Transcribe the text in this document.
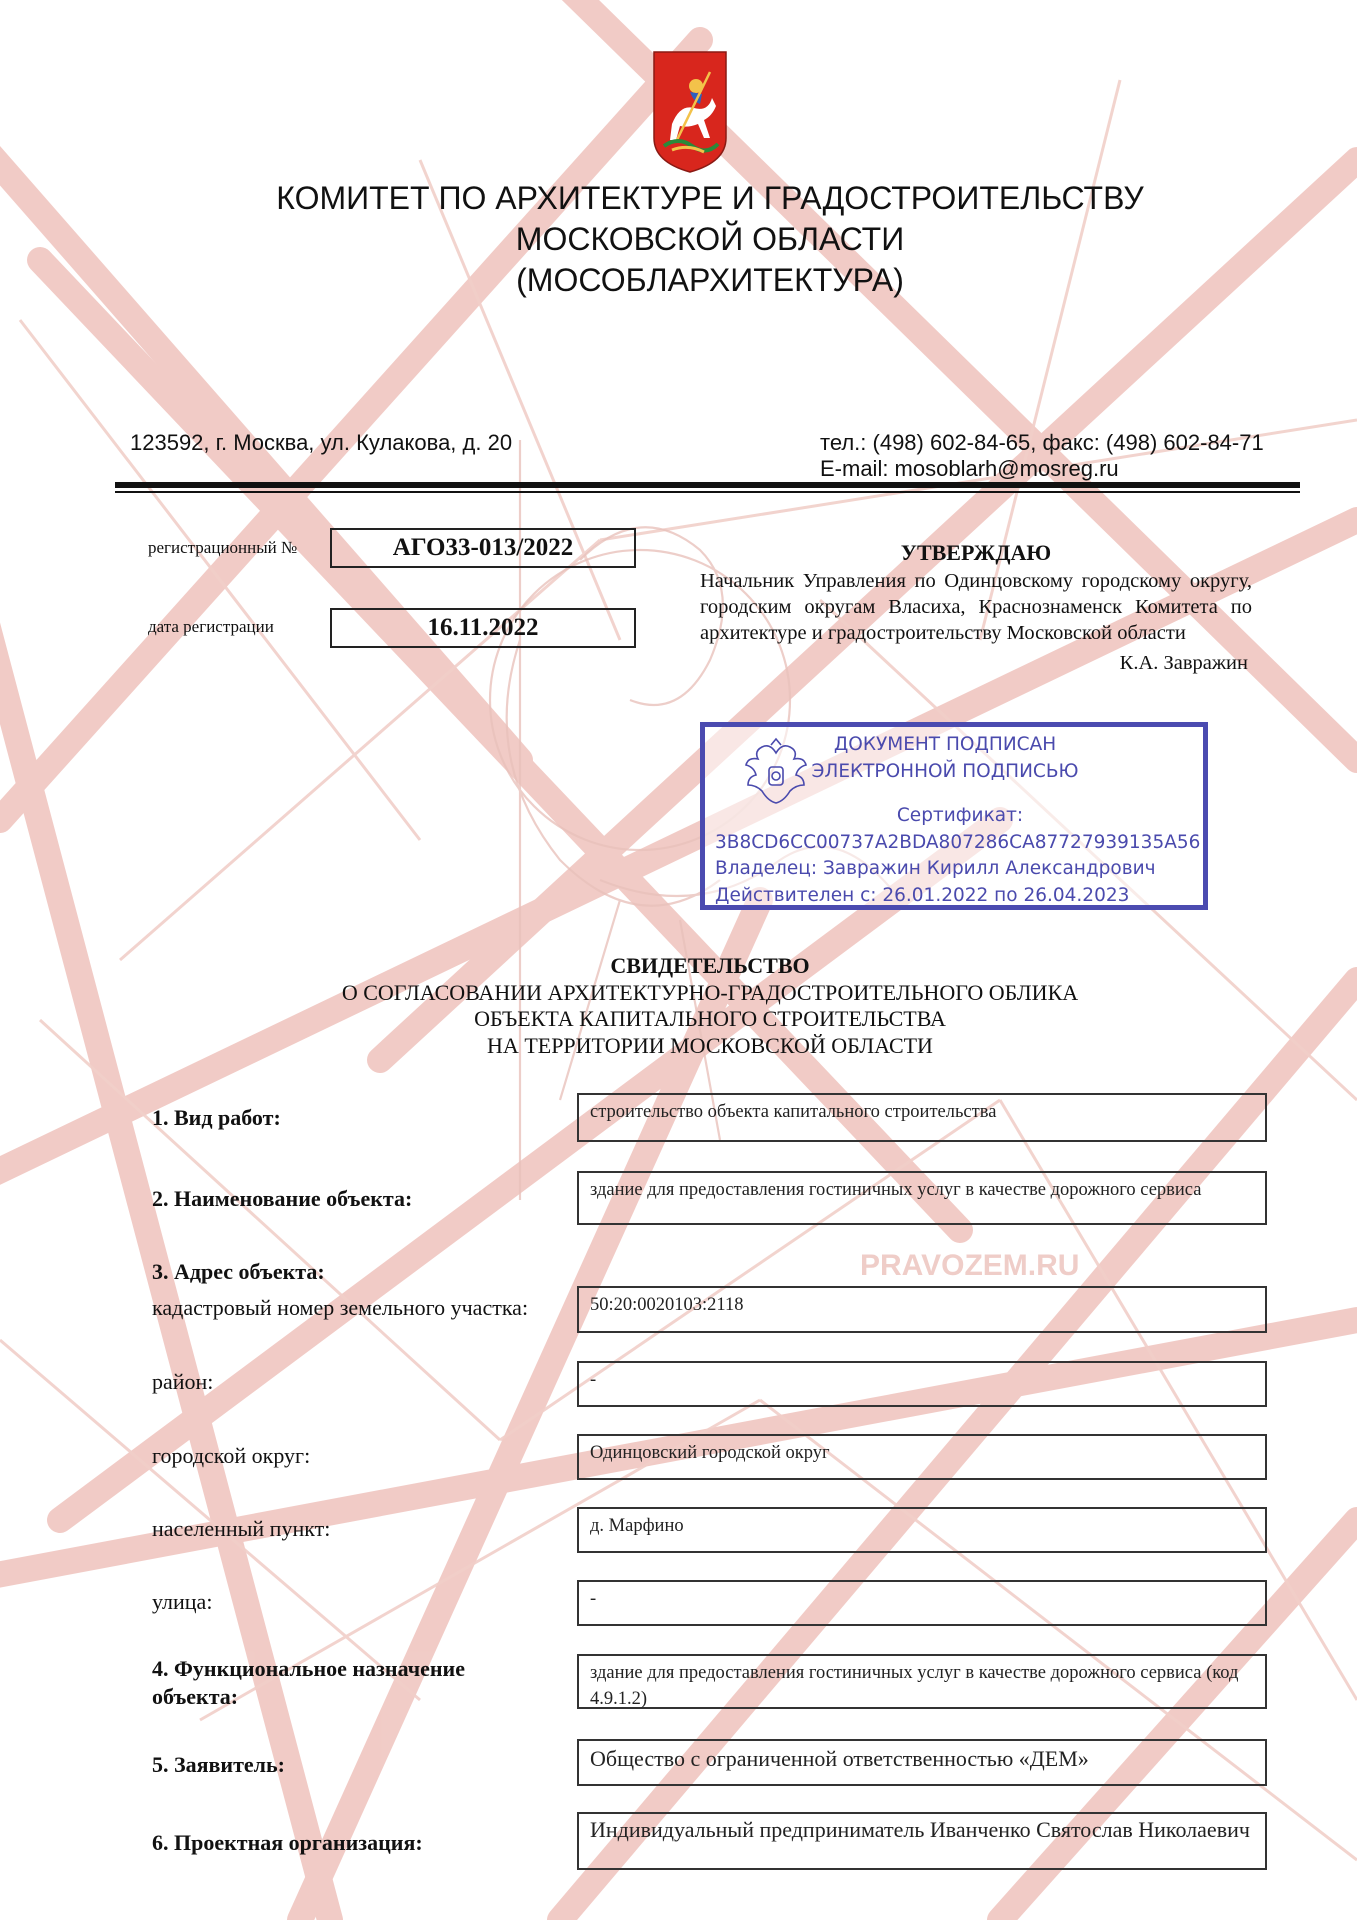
PRAVOZEM.RU
КОМИТЕТ ПО АРХИТЕКТУРЕ И ГРАДОСТРОИТЕЛЬСТВУ
МОСКОВСКОЙ ОБЛАСТИ
(МОСОБЛАРХИТЕКТУРА)
123592, г. Москва, ул. Кулакова, д. 20	тел.: (498) 602-84-65, факс: (498) 602-84-71
E-mail: mosoblarh@mosreg.ru
регистрационный №	АГО33-013/2022
дата регистрации	16.11.2022
УТВЕРЖДАЮ
Начальник Управления по Одинцовскому городскому округу, городским округам Власиха, Краснознаменск Комитета по архитектуре и градостроительству Московской области
К.А. Завражин
ДОКУМЕНТ ПОДПИСАН
ЭЛЕКТРОННОЙ ПОДПИСЬЮ
Сертификат:
3B8CD6CC00737A2BDA807286CA87727939135A56
Владелец: Завражин Кирилл Александрович
Действителен с: 26.01.2022 по 26.04.2023
СВИДЕТЕЛЬСТВО
О СОГЛАСОВАНИИ АРХИТЕКТУРНО-ГРАДОСТРОИТЕЛЬНОГО ОБЛИКА
ОБЪЕКТА КАПИТАЛЬНОГО СТРОИТЕЛЬСТВА
НА ТЕРРИТОРИИ МОСКОВСКОЙ ОБЛАСТИ
1. Вид работ:	строительство объекта капитального строительства
2. Наименование объекта:	здание для предоставления гостиничных услуг в качестве дорожного сервиса
3. Адрес объекта:
кадастровый номер земельного участка:	50:20:0020103:2118
район:	-
городской округ:	Одинцовский городской округ
населенный пункт:	д. Марфино
улица:	-
4. Функциональное назначение
объекта:
здание для предоставления гостиничных услуг в качестве дорожного сервиса (код 4.9.1.2)
5. Заявитель:	Общество с ограниченной ответственностью «ДЕМ»
6. Проектная организация:
Индивидуальный предприниматель Иванченко Святослав Николаевич
